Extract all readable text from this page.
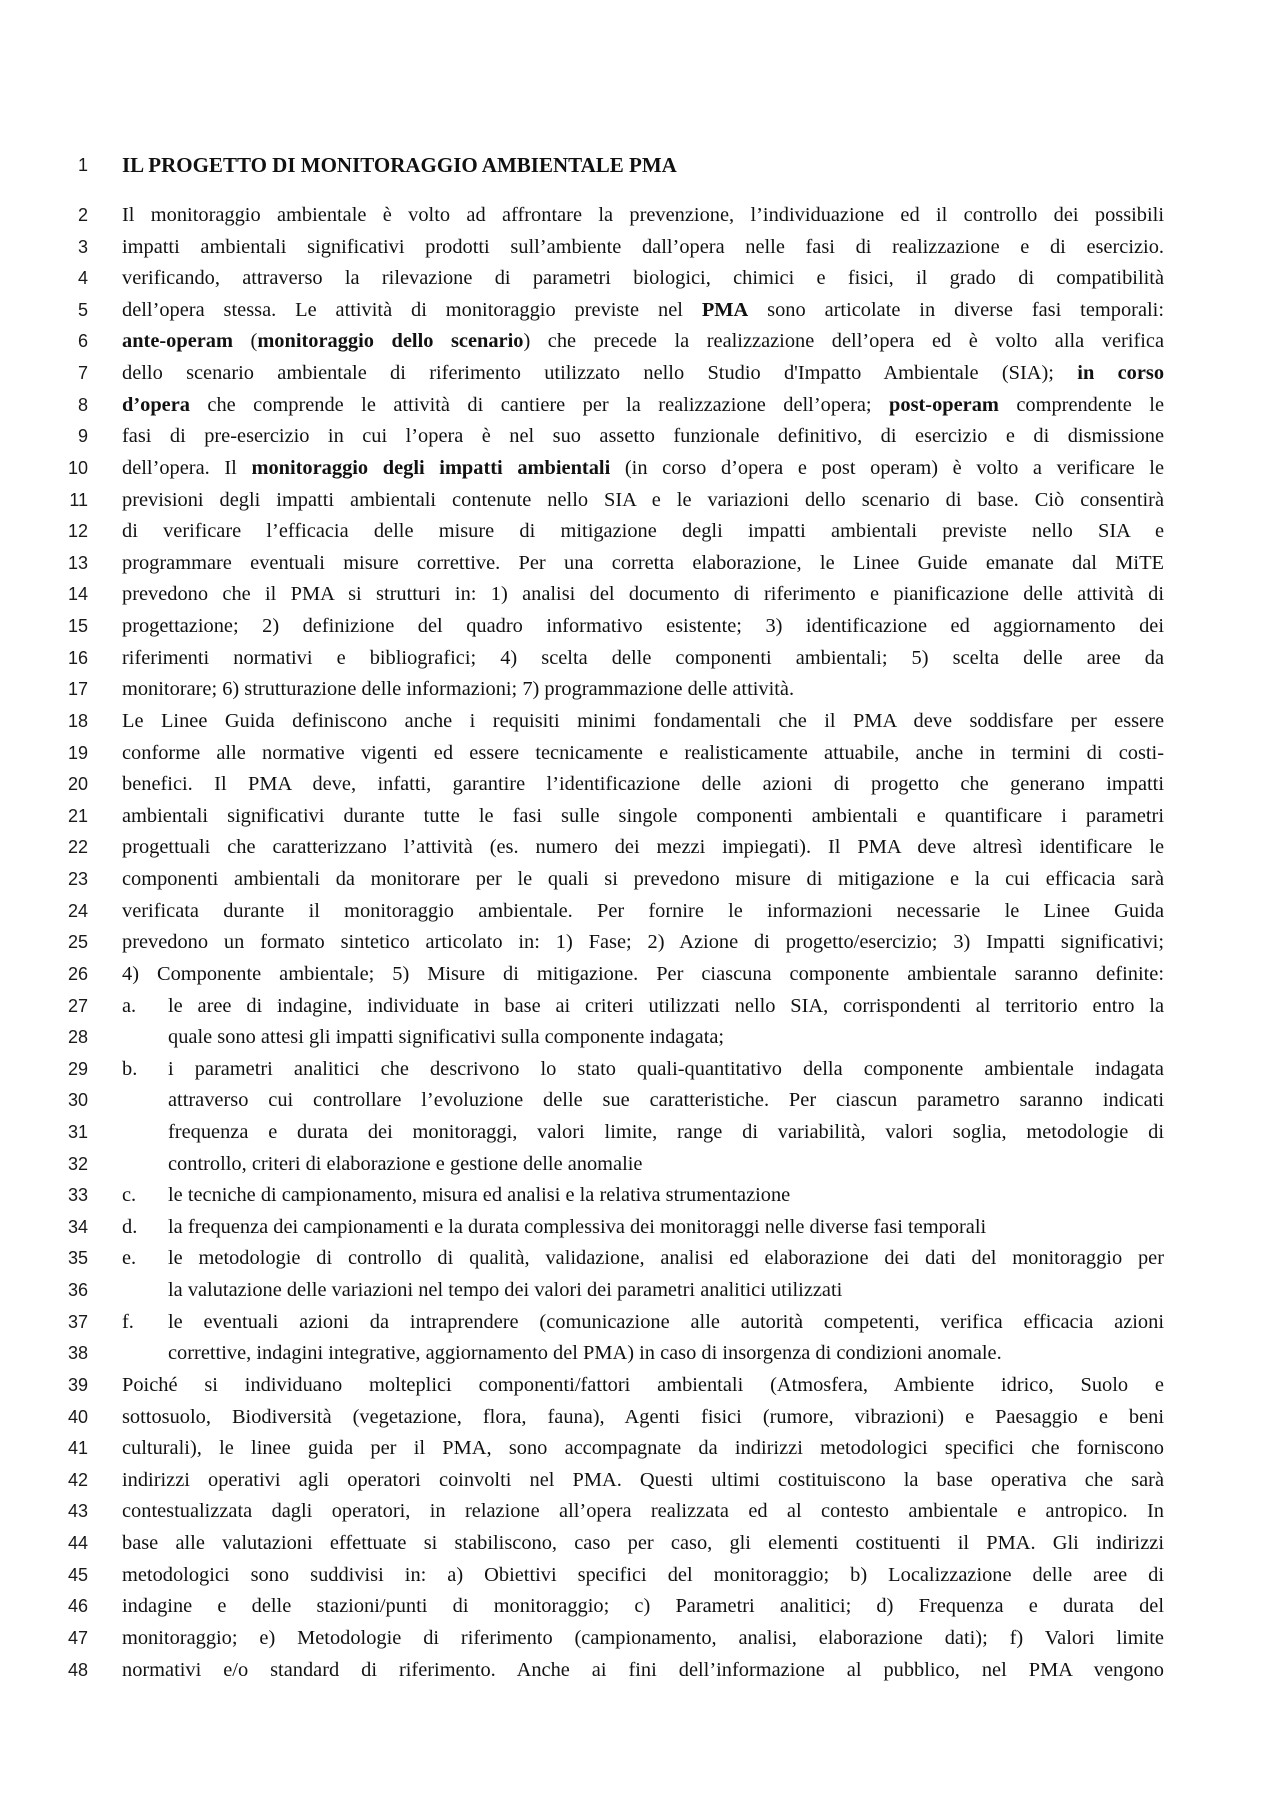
1 IL PROGETTO DI MONITORAGGIO AMBIENTALE PMA
2 Il monitoraggio ambientale è volto ad affrontare la prevenzione, l’individuazione ed il controllo dei possibili
3 impatti ambientali significativi prodotti sull’ambiente dall’opera nelle fasi di realizzazione e di esercizio.
4 verificando, attraverso la rilevazione di parametri biologici, chimici e fisici, il grado di compatibilità
5 dell’opera stessa. Le attività di monitoraggio previste nel PMA sono articolate in diverse fasi temporali:
6 ante-operam (monitoraggio dello scenario) che precede la realizzazione dell’opera ed è volto alla verifica
7 dello scenario ambientale di riferimento utilizzato nello Studio d'Impatto Ambientale (SIA); in corso
8 d’opera che comprende le attività di cantiere per la realizzazione dell’opera; post-operam comprendente le
9 fasi di pre-esercizio in cui l’opera è nel suo assetto funzionale definitivo, di esercizio e di dismissione
10 dell’opera. Il monitoraggio degli impatti ambientali (in corso d’opera e post operam) è volto a verificare le
11 previsioni degli impatti ambientali contenute nello SIA e le variazioni dello scenario di base. Ciò consentirà
12 di verificare l’efficacia delle misure di mitigazione degli impatti ambientali previste nello SIA e
13 programmare eventuali misure correttive. Per una corretta elaborazione, le Linee Guide emanate dal MiTE
14 prevedono che il PMA si strutturi in: 1) analisi del documento di riferimento e pianificazione delle attività di
15 progettazione; 2) definizione del quadro informativo esistente; 3) identificazione ed aggiornamento dei
16 riferimenti normativi e bibliografici; 4) scelta delle componenti ambientali; 5) scelta delle aree da
17 monitorare; 6) strutturazione delle informazioni; 7) programmazione delle attività.
18 Le Linee Guida definiscono anche i requisiti minimi fondamentali che il PMA deve soddisfare per essere
19 conforme alle normative vigenti ed essere tecnicamente e realisticamente attuabile, anche in termini di costi-
20 benefici. Il PMA deve, infatti, garantire l’identificazione delle azioni di progetto che generano impatti
21 ambientali significativi durante tutte le fasi sulle singole componenti ambientali e quantificare i parametri
22 progettuali che caratterizzano l’attività (es. numero dei mezzi impiegati). Il PMA deve altresì identificare le
23 componenti ambientali da monitorare per le quali si prevedono misure di mitigazione e la cui efficacia sarà
24 verificata durante il monitoraggio ambientale. Per fornire le informazioni necessarie le Linee Guida
25 prevedono un formato sintetico articolato in: 1) Fase; 2) Azione di progetto/esercizio; 3) Impatti significativi;
26 4) Componente ambientale; 5) Misure di mitigazione. Per ciascuna componente ambientale saranno definite:
27 a.	le aree di indagine, individuate in base ai criteri utilizzati nello SIA, corrispondenti al territorio entro la
28	quale sono attesi gli impatti significativi sulla componente indagata;
29 b.	i parametri analitici che descrivono lo stato quali-quantitativo della componente ambientale indagata
30	attraverso cui controllare l’evoluzione delle sue caratteristiche. Per ciascun parametro saranno indicati
31	frequenza e durata dei monitoraggi, valori limite, range di variabilità, valori soglia, metodologie di
32	controllo, criteri di elaborazione e gestione delle anomalie
33 c.	le tecniche di campionamento, misura ed analisi e la relativa strumentazione
34 d.	la frequenza dei campionamenti e la durata complessiva dei monitoraggi nelle diverse fasi temporali
35 e.	le metodologie di controllo di qualità, validazione, analisi ed elaborazione dei dati del monitoraggio per
36	la valutazione delle variazioni nel tempo dei valori dei parametri analitici utilizzati
37 f.	le eventuali azioni da intraprendere (comunicazione alle autorità competenti, verifica efficacia azioni
38	correttive, indagini integrative, aggiornamento del PMA) in caso di insorgenza di condizioni anomale.
39 Poiché si individuano molteplici componenti/fattori ambientali (Atmosfera, Ambiente idrico, Suolo e
40 sottosuolo, Biodiversità (vegetazione, flora, fauna), Agenti fisici (rumore, vibrazioni) e Paesaggio e beni
41 culturali), le linee guida per il PMA, sono accompagnate da indirizzi metodologici specifici che forniscono
42 indirizzi operativi agli operatori coinvolti nel PMA. Questi ultimi costituiscono la base operativa che sarà
43 contestualizzata dagli operatori, in relazione all’opera realizzata ed al contesto ambientale e antropico. In
44 base alle valutazioni effettuate si stabiliscono, caso per caso, gli elementi costituenti il PMA. Gli indirizzi
45 metodologici sono suddivisi in: a) Obiettivi specifici del monitoraggio; b) Localizzazione delle aree di
46 indagine e delle stazioni/punti di monitoraggio; c) Parametri analitici; d) Frequenza e durata del
47 monitoraggio; e) Metodologie di riferimento (campionamento, analisi, elaborazione dati); f) Valori limite
48 normativi e/o standard di riferimento. Anche ai fini dell’informazione al pubblico, nel PMA vengono
